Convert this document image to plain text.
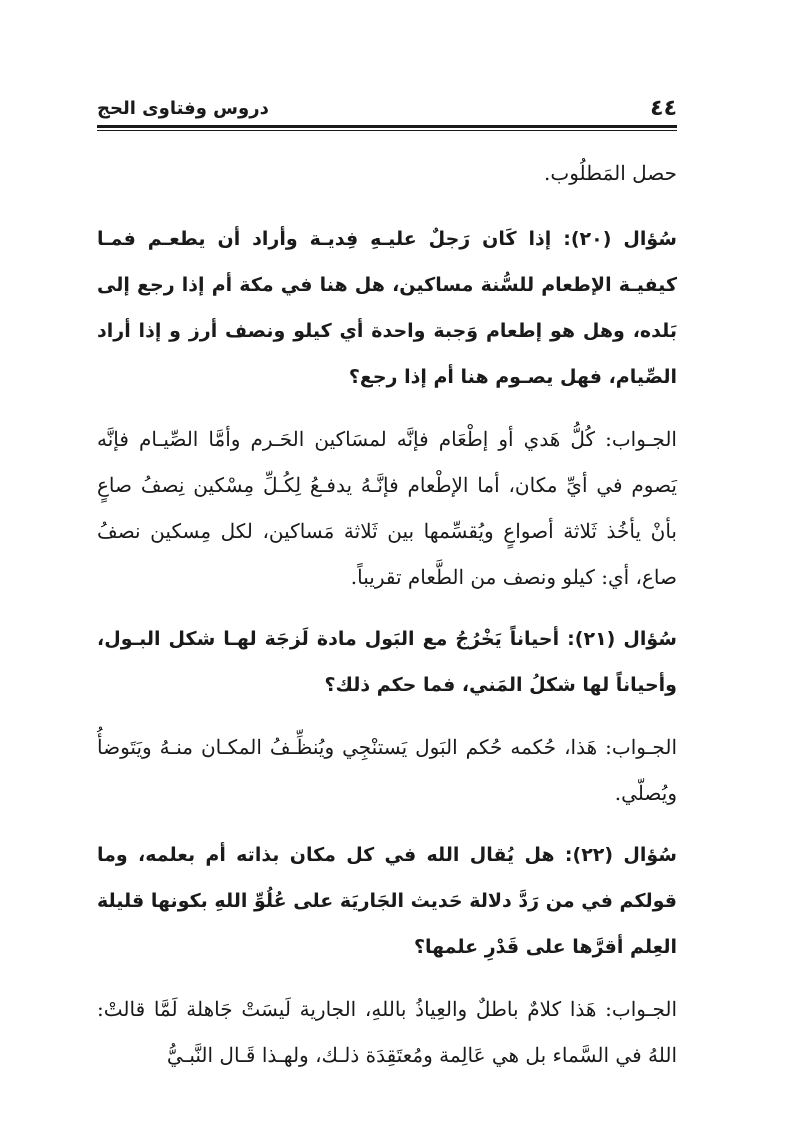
٤٤
دروس وفتاوى الحج

حصل المَطلُوب.

سُؤال (٢٠): إذا كَان رَجلٌ عليـهِ فِديـة وأراد أن يطعـم فمـا كيفيـة الإطعام للسُّنة مساكين، هل هنا في مكة أم إذا رجع إلى بَلده، وهل هو إطعام وَجبة واحدة أي كيلو ونصف أرز و إذا أراد الصِّيام، فهل يصـوم هنا أم إذا رجع؟

الجـواب: كُلُّ هَدي أو إطْعَام فإنَّه لمسَاكين الحَـرم وأمَّا الصِّيـام فإنَّه يَصوم في أيِّ مكان، أما الإطْعام فإنَّـهُ يدفـعُ لِكُـلِّ مِسْكين نِصفُ صاعٍ بأنْ يأخُذ ثَلاثة أصواعٍ ويُقسِّمها بين ثَلاثة مَساكين، لكل مِسكين نصفُ صاع، أي: كيلو ونصف من الطَّعام تقريباً.

سُؤال (٢١): أحياناً يَخْرُجُ مع البَول مادة لَزجَة لهـا شكل البـول، وأحياناً لها شكلُ المَني، فما حكم ذلك؟

الجـواب: هَذا، حُكمه حُكم البَول يَستنْجِي ويُنظِّـفُ المكـان منـهُ ويَتَوضأُ ويُصلّي.

سُؤال (٢٢): هل يُقال الله في كل مكان بذاته أم بعلمه، وما قولكم في من رَدَّ دلالة حَديث الجَاريَة على عُلُوِّ اللهِ بكونها قليلة العِلم أقرَّها على قَدْرِ علمها؟

الجـواب: هَذا كلامٌ باطلٌ والعِياذُ باللهِ، الجارية لَيسَتْ جَاهلة لَمَّا قالتْ: اللهُ في السَّماء بل هي عَالِمة ومُعتَقِدَة ذلـك، ولهـذا قَـال النَّبـيُّ
